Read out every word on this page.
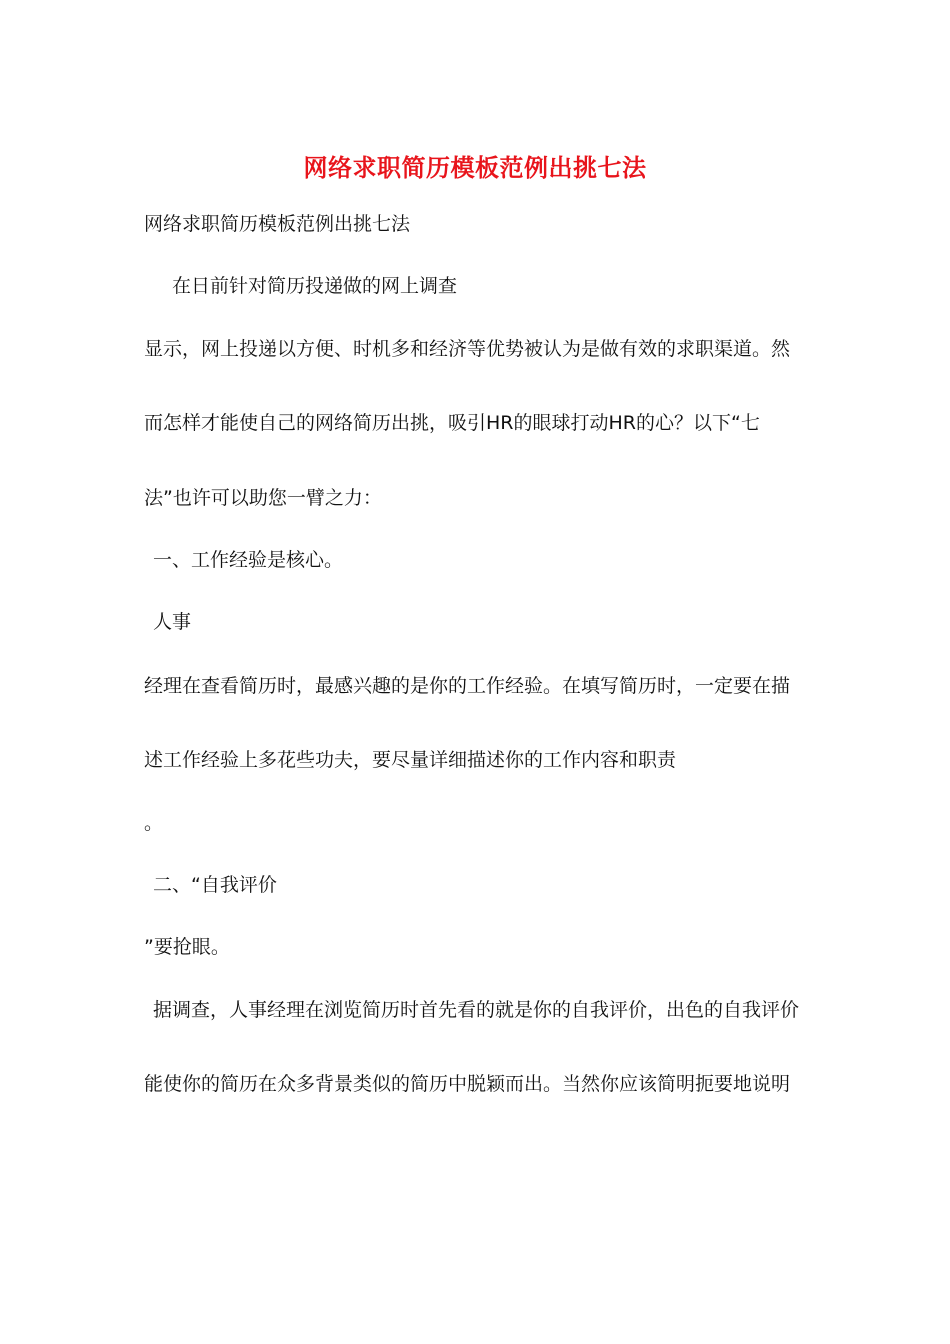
网络求职简历模板范例出挑七法
网络求职简历模板范例出挑七法
在日前针对简历投递做的网上调查
显示，网上投递以方便、时机多和经济等优势被认为是做有效的求职渠道。然
而怎样才能使自己的网络简历出挑，吸引HR的眼球打动HR的心？以下“七
法”也许可以助您一臂之力：
一、工作经验是核心。
人事
经理在查看简历时，最感兴趣的是你的工作经验。在填写简历时，一定要在描
述工作经验上多花些功夫，要尽量详细描述你的工作内容和职责
。
二、“自我评价
”要抢眼。
据调查，人事经理在浏览简历时首先看的就是你的自我评价，出色的自我评价
能使你的简历在众多背景类似的简历中脱颖而出。当然你应该简明扼要地说明
